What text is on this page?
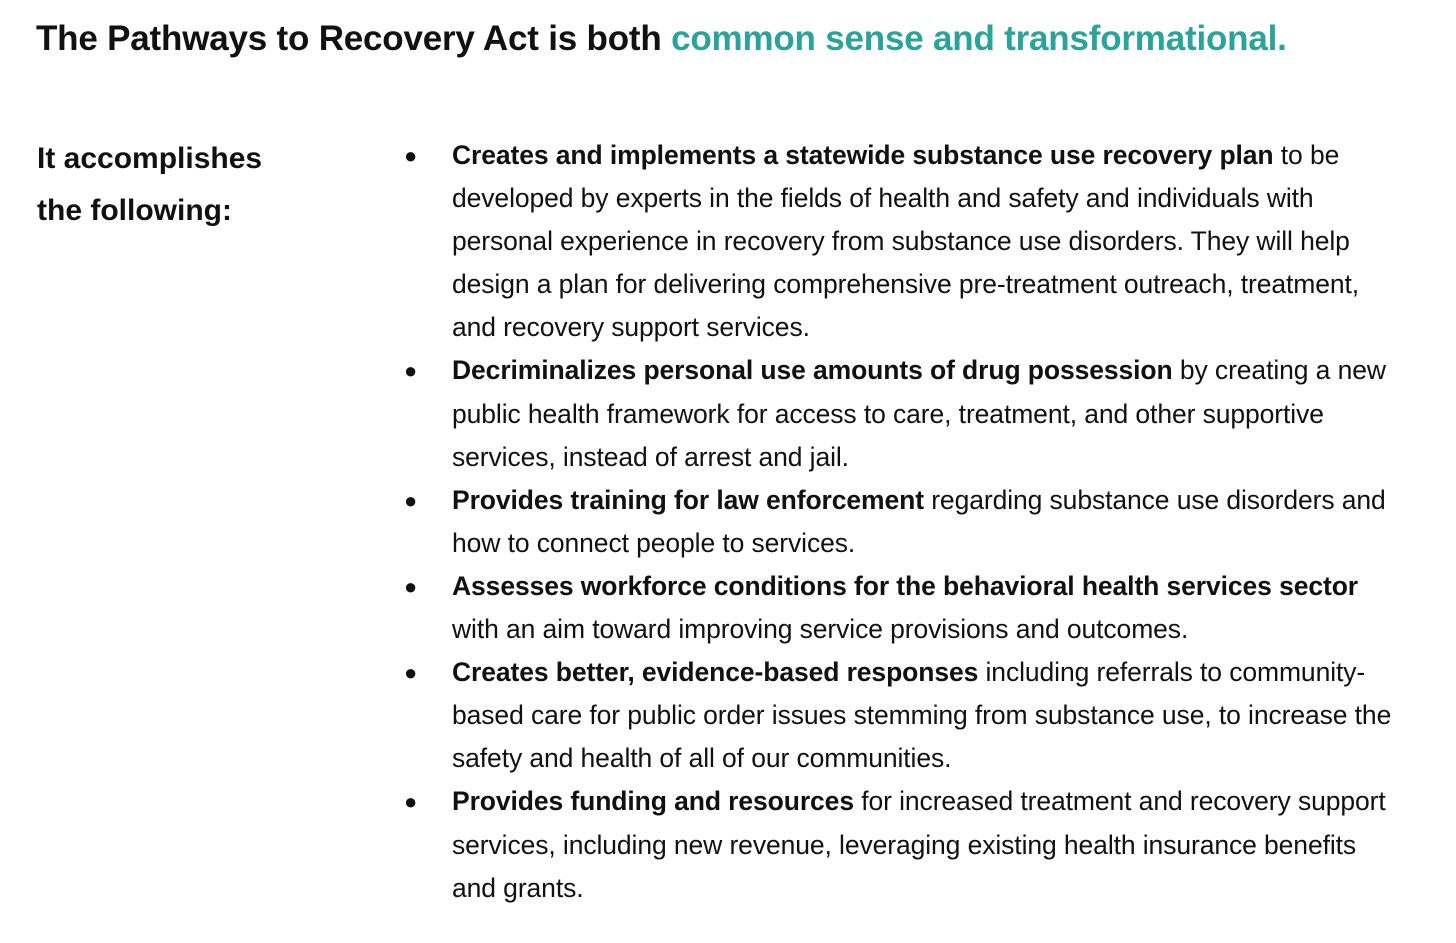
The Pathways to Recovery Act is both common sense and transformational.
It accomplishes
the following:
●	Creates and implements a statewide substance use recovery plan to be developed by experts in the fields of health and safety and individuals with personal experience in recovery from substance use disorders. They will help design a plan for delivering comprehensive pre-treatment outreach, treatment, and recovery support services.
●	Decriminalizes personal use amounts of drug possession by creating a new public health framework for access to care, treatment, and other supportive services, instead of arrest and jail.
●	Provides training for law enforcement regarding substance use disorders and how to connect people to services.
●	Assesses workforce conditions for the behavioral health services sector with an aim toward improving service provisions and outcomes.
●	Creates better, evidence-based responses including referrals to community-based care for public order issues stemming from substance use, to increase the safety and health of all of our communities.
●	Provides funding and resources for increased treatment and recovery support services, including new revenue, leveraging existing health insurance benefits and grants.
